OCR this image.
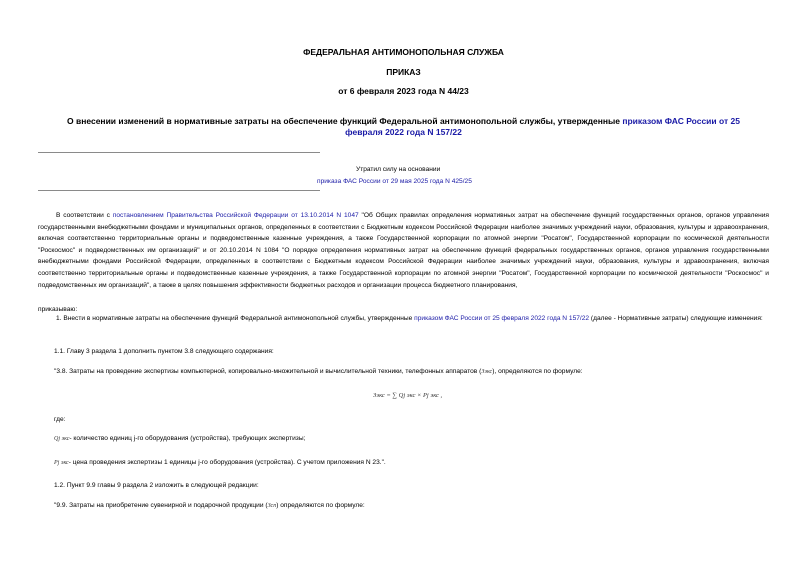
ФЕДЕРАЛЬНАЯ АНТИМОНОПОЛЬНАЯ СЛУЖБА
ПРИКАЗ
от 6 февраля 2023 года N 44/23
О внесении изменений в нормативные затраты на обеспечение функций Федеральной антимонопольной службы, утвержденные приказом ФАС России от 25 февраля 2022 года N 157/22
Утратил силу на основании
приказа ФАС России от 29 мая 2025 года N 425/25
В соответствии с постановлением Правительства Российской Федерации от 13.10.2014 N 1047 "Об Общих правилах определения нормативных затрат на обеспечение функций государственных органов, органов управления государственными внебюджетными фондами и муниципальных органов, определенных в соответствии с Бюджетным кодексом Российской Федерации наиболее значимых учреждений науки, образования, культуры и здравоохранения, включая соответственно территориальные органы и подведомственные казенные учреждения, а также Государственной корпорации по атомной энергии "Росатом", Государственной корпорации по космической деятельности "Роскосмос" и подведомственных им организаций" и от 20.10.2014 N 1084 "О порядке определения нормативных затрат на обеспечение функций федеральных государственных органов, органов управления государственными внебюджетными фондами Российской Федерации, определенных в соответствии с Бюджетным кодексом Российской Федерации наиболее значимых учреждений науки, образования, культуры и здравоохранения, включая соответственно территориальные органы и подведомственные казенные учреждения, а также Государственной корпорации по атомной энергии "Росатом", Государственной корпорации по космической деятельности "Роскосмос" и подведомственных им организаций", а также в целях повышения эффективности бюджетных расходов и организации процесса бюджетного планирования,
приказываю:
1. Внести в нормативные затраты на обеспечение функций Федеральной антимонопольной службы, утвержденные приказом ФАС России от 25 февраля 2022 года N 157/22 (далее - Нормативные затраты) следующие изменения:
1.1. Главу 3 раздела 1 дополнить пунктом 3.8 следующего содержания:
"3.8. Затраты на проведение экспертизы компьютерной, копировально-множительной и вычислительной техники, телефонных аппаратов (Зэкс), определяются по формуле:
Зэкс = ∑ Qj экс × Pj экс ,
где:
Qj экс- количество единиц j-го оборудования (устройства), требующих экспертизы;
Pj экс- цена проведения экспертизы 1 единицы j-го оборудования (устройства). С учетом приложения N 23.".
1.2. Пункт 9.9 главы 9 раздела 2 изложить в следующей редакции:
"9.9. Затраты на приобретение сувенирной и подарочной продукции (Зсп) определяются по формуле:
